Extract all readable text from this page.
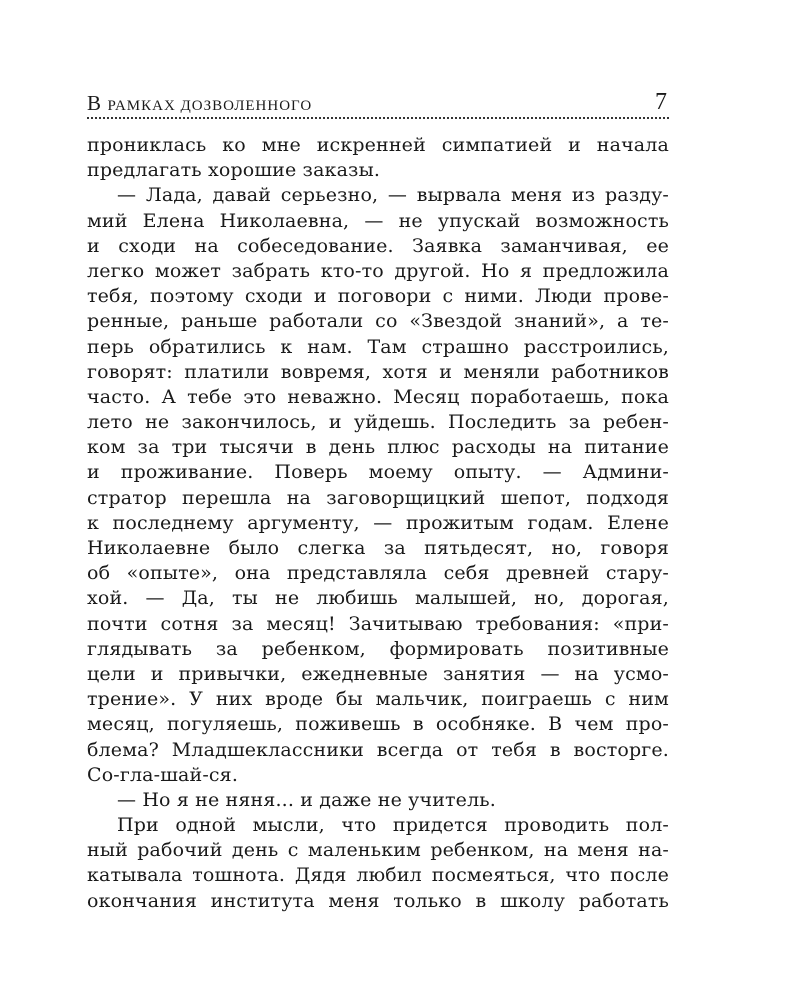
В РАМКАХ ДОЗВОЛЕННОГО	7
прониклась ко мне искренней симпатией и начала
предлагать хорошие заказы.
— Лада, давай серьезно, — вырвала меня из разду-
мий Елена Николаевна, — не упускай возможность
и сходи на собеседование. Заявка заманчивая, ее
легко может забрать кто-то другой. Но я предложила
тебя, поэтому сходи и поговори с ними. Люди прове-
ренные, раньше работали со «Звездой знаний», а те-
перь обратились к нам. Там страшно расстроились,
говорят: платили вовремя, хотя и меняли работников
часто. А тебе это неважно. Месяц поработаешь, пока
лето не закончилось, и уйдешь. Последить за ребен-
ком за три тысячи в день плюс расходы на питание
и проживание. Поверь моему опыту. — Админи-
стратор перешла на заговорщицкий шепот, подходя
к последнему аргументу, — прожитым годам. Елене
Николаевне было слегка за пятьдесят, но, говоря
об «опыте», она представляла себя древней стару-
хой. — Да, ты не любишь малышей, но, дорогая,
почти сотня за месяц! Зачитываю требования: «при-
глядывать за ребенком, формировать позитивные
цели и привычки, ежедневные занятия — на усмо-
трение». У них вроде бы мальчик, поиграешь с ним
месяц, погуляешь, поживешь в особняке. В чем про-
блема? Младшеклассники всегда от тебя в восторге.
Со-гла-шай-ся.
— Но я не няня... и даже не учитель.
При одной мысли, что придется проводить пол-
ный рабочий день с маленьким ребенком, на меня на-
катывала тошнота. Дядя любил посмеяться, что после
окончания института меня только в школу работать
